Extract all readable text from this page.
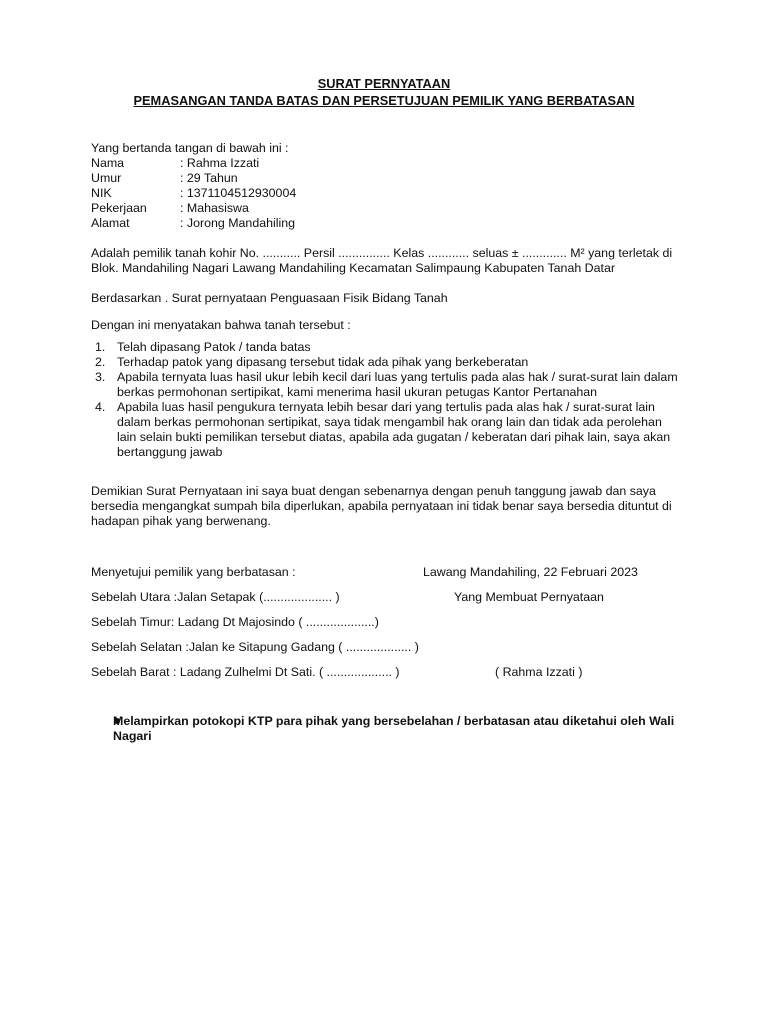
SURAT PERNYATAAN
PEMASANGAN TANDA BATAS DAN PERSETUJUAN PEMILIK YANG BERBATASAN
Yang bertanda tangan di bawah ini :
Nama	: Rahma Izzati
Umur	: 29 Tahun
NIK	: 1371104512930004
Pekerjaan	: Mahasiswa
Alamat	: Jorong Mandahiling
Adalah pemilik tanah kohir No. ........... Persil ............... Kelas ............ seluas ± ............. M² yang terletak di Blok. Mandahiling Nagari Lawang Mandahiling Kecamatan Salimpaung Kabupaten Tanah Datar
Berdasarkan . Surat pernyataan Penguasaan Fisik Bidang Tanah
Dengan ini menyatakan bahwa tanah tersebut :
1. Telah dipasang Patok / tanda batas
2. Terhadap patok yang dipasang tersebut tidak ada pihak yang berkeberatan
3. Apabila ternyata luas hasil ukur lebih kecil dari luas yang tertulis pada alas hak / surat-surat lain dalam berkas permohonan sertipikat, kami menerima hasil ukuran petugas Kantor Pertanahan
4. Apabila luas hasil pengukura ternyata lebih besar dari yang tertulis pada alas hak / surat-surat lain dalam berkas permohonan sertipikat, saya tidak mengambil hak orang lain dan tidak ada perolehan lain selain bukti pemilikan tersebut diatas, apabila ada gugatan / keberatan dari pihak lain, saya akan bertanggung jawab
Demikian Surat Pernyataan ini saya buat dengan sebenarnya dengan penuh tanggung jawab dan saya bersedia mengangkat sumpah bila diperlukan, apabila pernyataan ini tidak benar saya bersedia dituntut di hadapan pihak yang berwenang.
Menyetujui pemilik yang berbatasan :	Lawang Mandahiling, 22 Februari 2023
Sebelah Utara :Jalan Setapak (.................... )	Yang Membuat Pernyataan
Sebelah Timur: Ladang Dt Majosindo ( ....................)
Sebelah Selatan :Jalan ke Sitapung Gadang ( ................... )
Sebelah Barat : Ladang Zulhelmi Dt Sati. ( ................... )	( Rahma Izzati )
Melampirkan potokopi KTP para pihak yang bersebelahan / berbatasan atau diketahui oleh Wali Nagari
